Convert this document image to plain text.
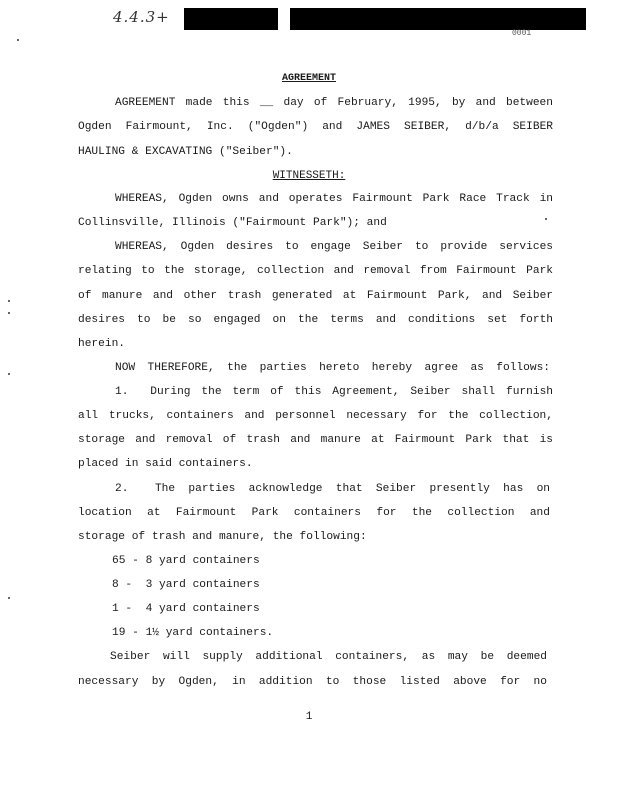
4.4.3+
0001
AGREEMENT
AGREEMENT made this __ day of February, 1995, by and between
Ogden Fairmount, Inc. ("Ogden") and JAMES SEIBER, d/b/a SEIBER
HAULING & EXCAVATING ("Seiber").
WITNESSETH:
WHEREAS, Ogden owns and operates Fairmount Park Race Track in
Collinsville, Illinois ("Fairmount Park"); and
WHEREAS, Ogden desires to engage Seiber to provide services
relating to the storage, collection and removal from Fairmount Park
of manure and other trash generated at Fairmount Park, and Seiber
desires to be so engaged on the terms and conditions set forth
herein.
NOW THEREFORE, the parties hereto hereby agree as follows:
1.  During the term of this Agreement, Seiber shall furnish
all trucks, containers and personnel necessary for the collection,
storage and removal of trash and manure at Fairmount Park that is
placed in said containers.
2.  The parties acknowledge that Seiber presently has on
location at Fairmount Park containers for the collection and
storage of trash and manure, the following:
65 - 8 yard containers
8 -  3 yard containers
1 -  4 yard containers
19 - 1½ yard containers.
Seiber will supply additional containers, as may be deemed
necessary by Ogden, in addition to those listed above for no
1
